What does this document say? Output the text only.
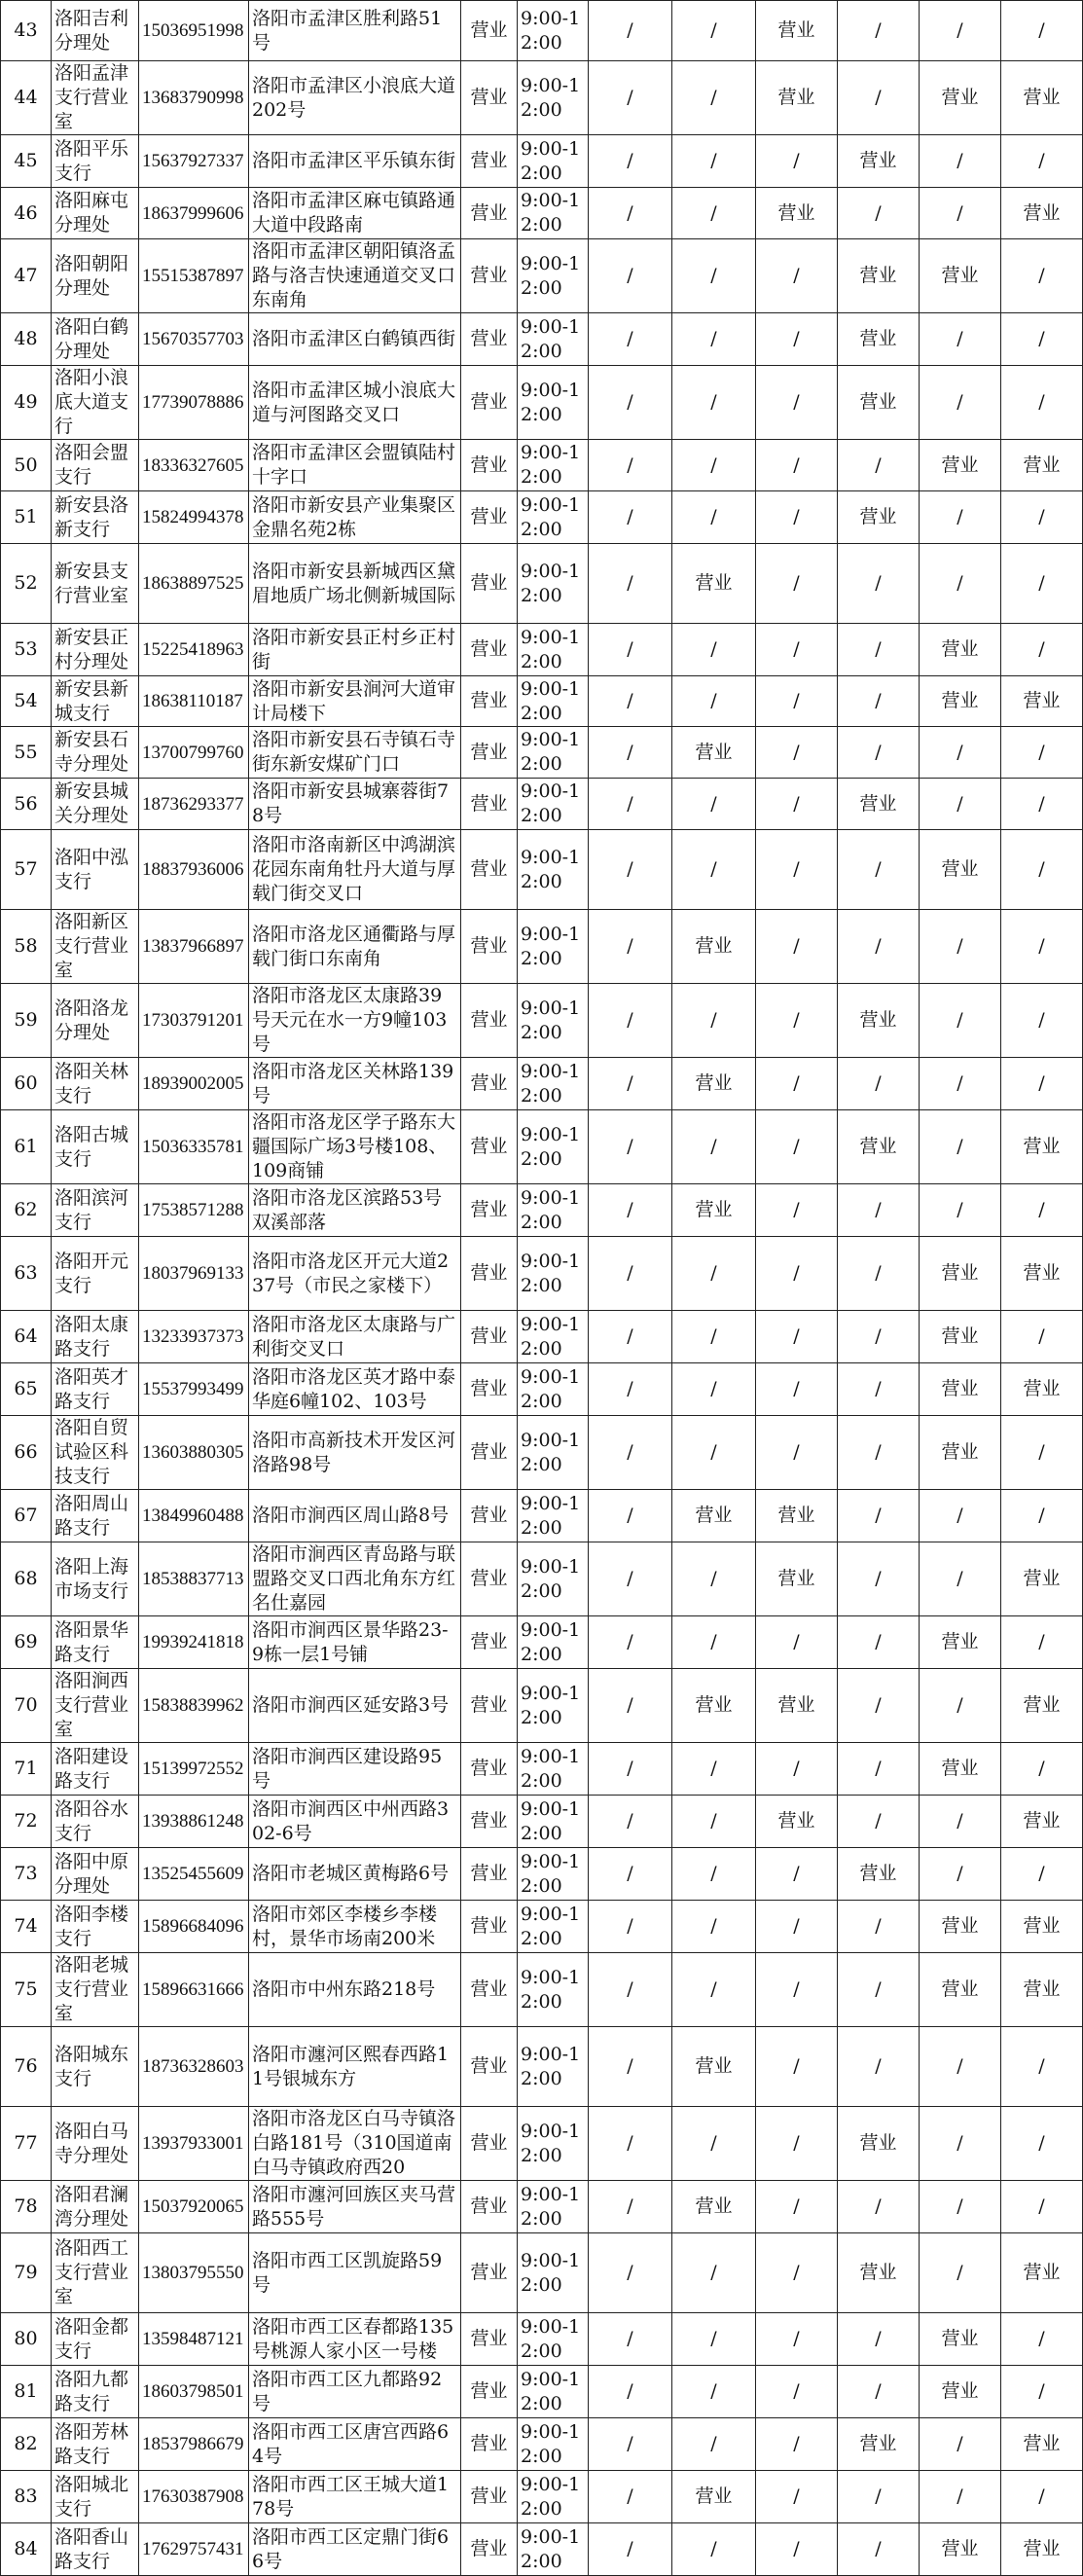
43	洛阳吉利分理处	15036951998	洛阳市孟津区胜利路51号	营业	9:00-12:00	/	/	营业	/	/	/
44	洛阳孟津支行营业室	13683790998	洛阳市孟津区小浪底大道202号	营业	9:00-12:00	/	/	营业	/	营业	营业
45	洛阳平乐支行	15637927337	洛阳市孟津区平乐镇东街	营业	9:00-12:00	/	/	/	营业	/	/
46	洛阳麻屯分理处	18637999606	洛阳市孟津区麻屯镇路通大道中段路南	营业	9:00-12:00	/	/	营业	/	/	营业
47	洛阳朝阳分理处	15515387897	洛阳市孟津区朝阳镇洛孟路与洛吉快速通道交叉口东南角	营业	9:00-12:00	/	/	/	营业	营业	/
48	洛阳白鹤分理处	15670357703	洛阳市孟津区白鹤镇西街	营业	9:00-12:00	/	/	/	营业	/	/
49	洛阳小浪底大道支行	17739078886	洛阳市孟津区城小浪底大道与河图路交叉口	营业	9:00-12:00	/	/	/	营业	/	/
50	洛阳会盟支行	18336327605	洛阳市孟津区会盟镇陆村十字口	营业	9:00-12:00	/	/	/	/	营业	营业
51	新安县洛新支行	15824994378	洛阳市新安县产业集聚区金鼎名苑2栋	营业	9:00-12:00	/	/	/	营业	/	/
52	新安县支行营业室	18638897525	洛阳市新安县新城西区黛眉地质广场北侧新城国际	营业	9:00-12:00	/	营业	/	/	/	/
53	新安县正村分理处	15225418963	洛阳市新安县正村乡正村街	营业	9:00-12:00	/	/	/	/	营业	/
54	新安县新城支行	18638110187	洛阳市新安县涧河大道审计局楼下	营业	9:00-12:00	/	/	/	/	营业	营业
55	新安县石寺分理处	13700799760	洛阳市新安县石寺镇石寺街东新安煤矿门口	营业	9:00-12:00	/	营业	/	/	/	/
56	新安县城关分理处	18736293377	洛阳市新安县城寨蓉街78号	营业	9:00-12:00	/	/	/	营业	/	/
57	洛阳中泓支行	18837936006	洛阳市洛南新区中鸿湖滨花园东南角牡丹大道与厚载门街交叉口	营业	9:00-12:00	/	/	/	/	营业	/
58	洛阳新区支行营业室	13837966897	洛阳市洛龙区通衢路与厚载门街口东南角	营业	9:00-12:00	/	营业	/	/	/	/
59	洛阳洛龙分理处	17303791201	洛阳市洛龙区太康路39号天元在水一方9幢103号	营业	9:00-12:00	/	/	/	营业	/	/
60	洛阳关林支行	18939002005	洛阳市洛龙区关林路139号	营业	9:00-12:00	/	营业	/	/	/	/
61	洛阳古城支行	15036335781	洛阳市洛龙区学子路东大疆国际广场3号楼108、109商铺	营业	9:00-12:00	/	/	/	营业	/	营业
62	洛阳滨河支行	17538571288	洛阳市洛龙区滨路53号双溪部落	营业	9:00-12:00	/	营业	/	/	/	/
63	洛阳开元支行	18037969133	洛阳市洛龙区开元大道237号（市民之家楼下）	营业	9:00-12:00	/	/	/	/	营业	营业
64	洛阳太康路支行	13233937373	洛阳市洛龙区太康路与广利街交叉口	营业	9:00-12:00	/	/	/	/	营业	/
65	洛阳英才路支行	15537993499	洛阳市洛龙区英才路中泰华庭6幢102、103号	营业	9:00-12:00	/	/	/	/	营业	营业
66	洛阳自贸试验区科技支行	13603880305	洛阳市高新技术开发区河洛路98号	营业	9:00-12:00	/	/	/	/	营业	/
67	洛阳周山路支行	13849960488	洛阳市涧西区周山路8号	营业	9:00-12:00	/	营业	营业	/	/	/
68	洛阳上海市场支行	18538837713	洛阳市涧西区青岛路与联盟路交叉口西北角东方红名仕嘉园	营业	9:00-12:00	/	/	营业	/	/	营业
69	洛阳景华路支行	19939241818	洛阳市涧西区景华路23-9栋一层1号铺	营业	9:00-12:00	/	/	/	/	营业	/
70	洛阳涧西支行营业室	15838839962	洛阳市涧西区延安路3号	营业	9:00-12:00	/	营业	营业	/	/	营业
71	洛阳建设路支行	15139972552	洛阳市涧西区建设路95号	营业	9:00-12:00	/	/	/	/	营业	/
72	洛阳谷水支行	13938861248	洛阳市涧西区中州西路302-6号	营业	9:00-12:00	/	/	营业	/	/	营业
73	洛阳中原分理处	13525455609	洛阳市老城区黄梅路6号	营业	9:00-12:00	/	/	/	营业	/	/
74	洛阳李楼支行	15896684096	洛阳市郊区李楼乡李楼村，景华市场南200米	营业	9:00-12:00	/	/	/	/	营业	营业
75	洛阳老城支行营业室	15896631666	洛阳市中州东路218号	营业	9:00-12:00	/	/	/	/	营业	营业
76	洛阳城东支行	18736328603	洛阳市瀍河区熙春西路11号银城东方	营业	9:00-12:00	/	营业	/	/	/	/
77	洛阳白马寺分理处	13937933001	洛阳市洛龙区白马寺镇洛白路181号（310国道南白马寺镇政府西20	营业	9:00-12:00	/	/	/	营业	/	/
78	洛阳君澜湾分理处	15037920065	洛阳市瀍河回族区夹马营路555号	营业	9:00-12:00	/	营业	/	/	/	/
79	洛阳西工支行营业室	13803795550	洛阳市西工区凯旋路59号	营业	9:00-12:00	/	/	/	营业	/	营业
80	洛阳金都支行	13598487121	洛阳市西工区春都路135号桃源人家小区一号楼	营业	9:00-12:00	/	/	/	/	营业	/
81	洛阳九都路支行	18603798501	洛阳市西工区九都路92号	营业	9:00-12:00	/	/	/	/	营业	/
82	洛阳芳林路支行	18537986679	洛阳市西工区唐宫西路64号	营业	9:00-12:00	/	/	/	营业	/	营业
83	洛阳城北支行	17630387908	洛阳市西工区王城大道178号	营业	9:00-12:00	/	营业	/	/	/	/
84	洛阳香山路支行	17629757431	洛阳市西工区定鼎门街66号	营业	9:00-12:00	/	/	/	/	营业	营业
